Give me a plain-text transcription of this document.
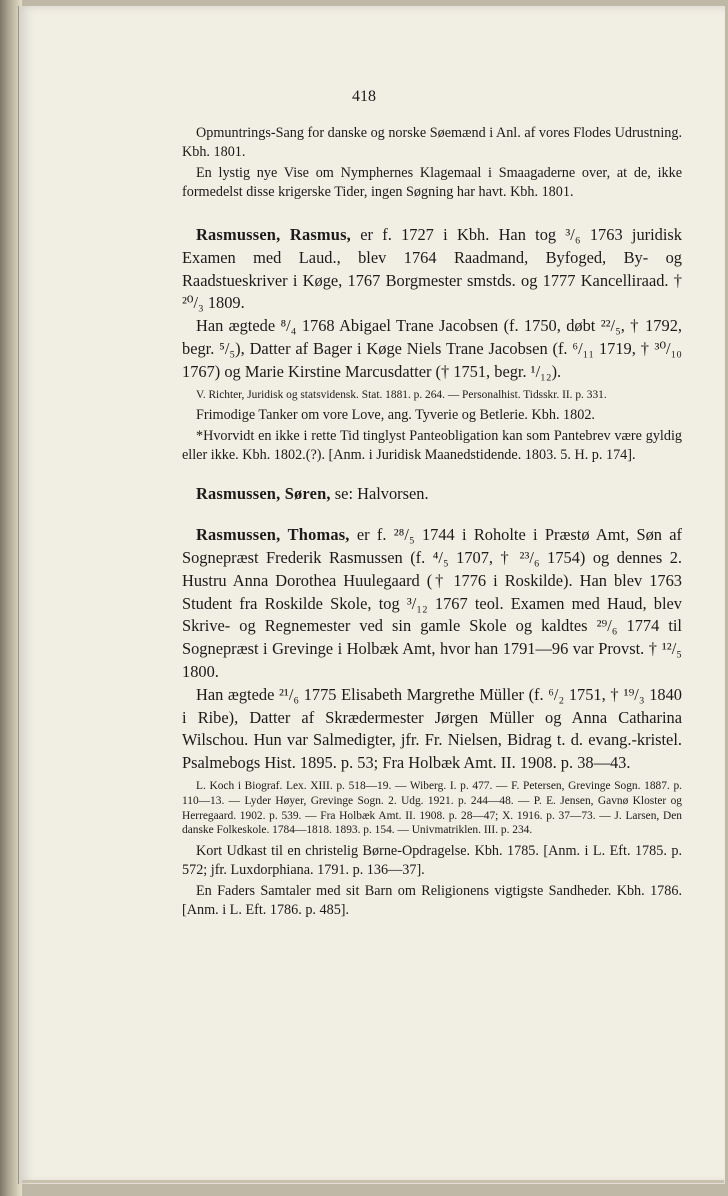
418

Opmuntrings-Sang for danske og norske Søemænd i Anl. af vores Flodes Udrustning. Kbh. 1801.

En lystig nye Vise om Nymphernes Klagemaal i Smaagaderne over, at de, ikke formedelst disse krigerske Tider, ingen Søgning har havt. Kbh. 1801.

Rasmussen, Rasmus, er f. 1727 i Kbh. Han tog ³/₆ 1763 juridisk Examen med Laud., blev 1764 Raadmand, Byfoged, By- og Raadstueskriver i Køge, 1767 Borgmester smstds. og 1777 Kancelliraad. † ²⁰/₃ 1809.

Han ægtede ⁸/₄ 1768 Abigael Trane Jacobsen (f. 1750, døbt ²²/₅, † 1792, begr. ⁵/₅), Datter af Bager i Køge Niels Trane Jacobsen (f. ⁶/₁₁ 1719, † ³⁰/₁₀ 1767) og Marie Kirstine Marcusdatter († 1751, begr. ¹/₁₂).

V. Richter, Juridisk og statsvidensk. Stat. 1881. p. 264. — Personalhist. Tidsskr. II. p. 331.

Frimodige Tanker om vore Love, ang. Tyverie og Betlerie. Kbh. 1802.

*Hvorvidt en ikke i rette Tid tinglyst Panteobligation kan som Pantebrev være gyldig eller ikke. Kbh. 1802.(?). [Anm. i Juridisk Maanedstidende. 1803. 5. H. p. 174].

Rasmussen, Søren, se: Halvorsen.

Rasmussen, Thomas, er f. ²⁸/₅ 1744 i Roholte i Præstø Amt, Søn af Sognepræst Frederik Rasmussen (f. ⁴/₅ 1707, † ²³/₆ 1754) og dennes 2. Hustru Anna Dorothea Huulegaard († 1776 i Roskilde). Han blev 1763 Student fra Roskilde Skole, tog ³/₁₂ 1767 teol. Examen med Haud, blev Skrive- og Regnemester ved sin gamle Skole og kaldtes ²⁹/₆ 1774 til Sognepræst i Grevinge i Holbæk Amt, hvor han 1791—96 var Provst. † ¹²/₅ 1800.

Han ægtede ²¹/₆ 1775 Elisabeth Margrethe Müller (f. ⁶/₂ 1751, † ¹⁹/₃ 1840 i Ribe), Datter af Skrædermester Jørgen Müller og Anna Catharina Wilschou. Hun var Salmedigter, jfr. Fr. Nielsen, Bidrag t. d. evang.-kristel. Psalmebogs Hist. 1895. p. 53; Fra Holbæk Amt. II. 1908. p. 38—43.

L. Koch i Biograf. Lex. XIII. p. 518—19. — Wiberg. I. p. 477. — F. Petersen, Grevinge Sogn. 1887. p. 110—13. — Lyder Høyer, Grevinge Sogn. 2. Udg. 1921. p. 244—48. — P. E. Jensen, Gavnø Kloster og Herregaard. 1902. p. 539. — Fra Holbæk Amt. II. 1908. p. 28—47; X. 1916. p. 37—73. — J. Larsen, Den danske Folkeskole. 1784—1818. 1893. p. 154. — Univmatriklen. III. p. 234.

Kort Udkast til en christelig Børne-Opdragelse. Kbh. 1785. [Anm. i L. Eft. 1785. p. 572; jfr. Luxdorphiana. 1791. p. 136—37].

En Faders Samtaler med sit Barn om Religionens vigtigste Sandheder. Kbh. 1786. [Anm. i L. Eft. 1786. p. 485].
